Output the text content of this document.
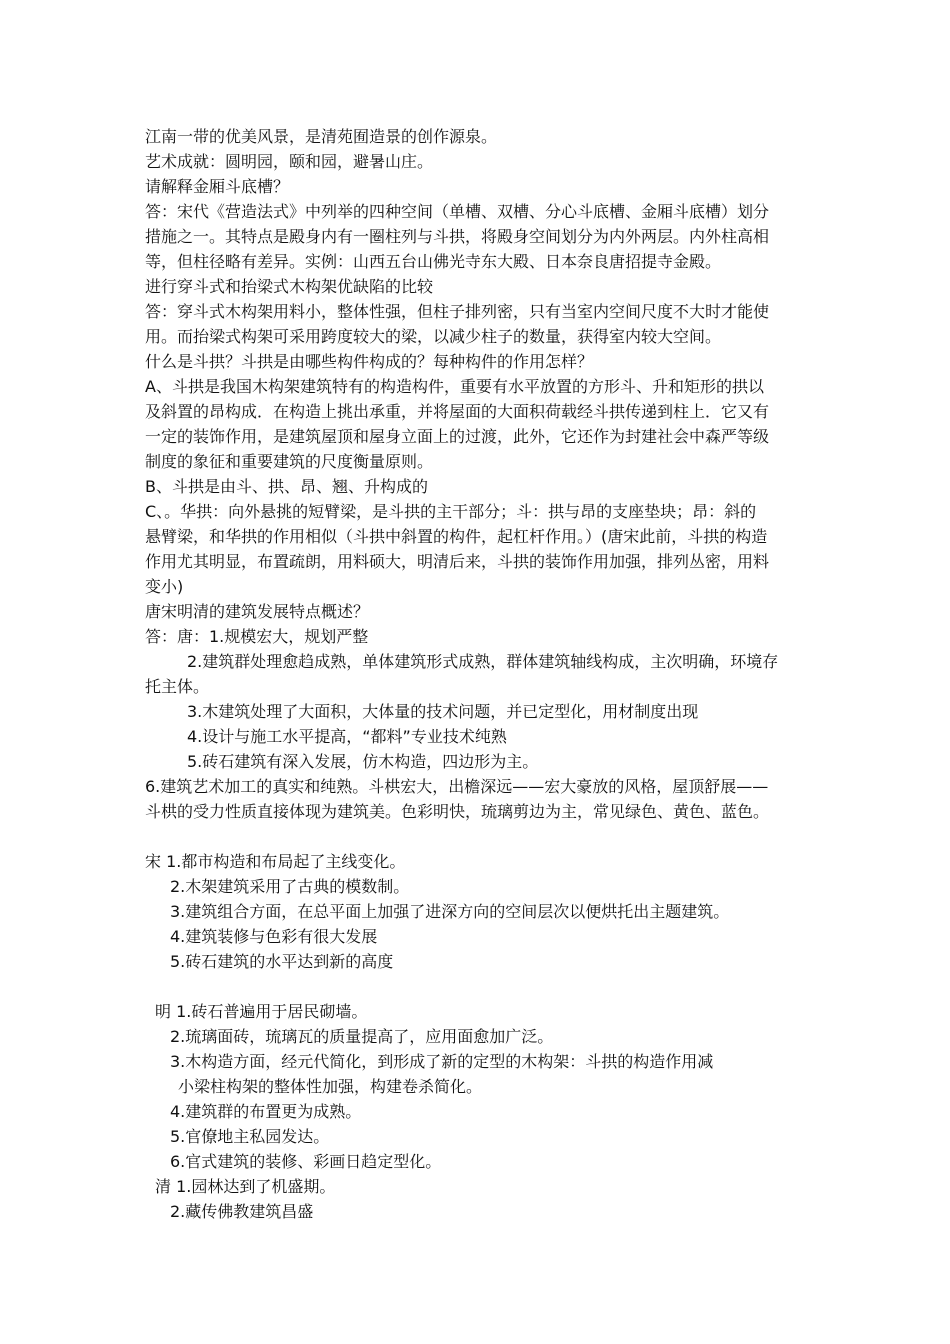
江南一带的优美风景，是清苑囿造景的创作源泉。
艺术成就：圆明园，颐和园，避暑山庄。
请解释金厢斗底槽？
答：宋代《营造法式》中列举的四种空间（单槽、双槽、分心斗底槽、金厢斗底槽）划分
措施之一。其特点是殿身内有一圈柱列与斗拱，将殿身空间划分为内外两层。内外柱高相
等，但柱径略有差异。实例：山西五台山佛光寺东大殿、日本奈良唐招提寺金殿。
进行穿斗式和抬梁式木构架优缺陷的比较
答：穿斗式木构架用料小，整体性强，但柱子排列密，只有当室内空间尺度不大时才能使
用。而抬梁式构架可采用跨度较大的梁，以减少柱子的数量，获得室内较大空间。
什么是斗拱？斗拱是由哪些构件构成的？每种构件的作用怎样？
A、斗拱是我国木构架建筑特有的构造构件，重要有水平放置的方形斗、升和矩形的拱以
及斜置的昂构成．在构造上挑出承重，并将屋面的大面积荷载经斗拱传递到柱上．它又有
一定的装饰作用，是建筑屋顶和屋身立面上的过渡，此外，它还作为封建社会中森严等级
制度的象征和重要建筑的尺度衡量原则。
B、斗拱是由斗、拱、昂、翘、升构成的
C、。华拱：向外悬挑的短臂梁，是斗拱的主干部分；斗：拱与昂的支座垫块；昂：斜的
悬臂梁，和华拱的作用相似（斗拱中斜置的构件，起杠杆作用。）(唐宋此前，斗拱的构造
作用尤其明显，布置疏朗，用料硕大，明清后来，斗拱的装饰作用加强，排列丛密，用料
变小)
唐宋明清的建筑发展特点概述？
答：唐：1.规模宏大，规划严整
2.建筑群处理愈趋成熟，单体建筑形式成熟，群体建筑轴线构成，主次明确，环境存
托主体。
3.木建筑处理了大面积，大体量的技术问题，并已定型化，用材制度出现
4.设计与施工水平提高，“都料”专业技术纯熟
5.砖石建筑有深入发展，仿木构造，四边形为主。
6.建筑艺术加工的真实和纯熟。斗栱宏大，出檐深远——宏大豪放的风格，屋顶舒展——
斗栱的受力性质直接体现为建筑美。色彩明快，琉璃剪边为主，常见绿色、黄色、蓝色。
宋 1.都市构造和布局起了主线变化。
2.木架建筑采用了古典的模数制。
3.建筑组合方面，在总平面上加强了进深方向的空间层次以便烘托出主题建筑。
4.建筑装修与色彩有很大发展
5.砖石建筑的水平达到新的高度
明 1.砖石普遍用于居民砌墙。
2.琉璃面砖，琉璃瓦的质量提高了，应用面愈加广泛。
3.木构造方面，经元代简化，到形成了新的定型的木构架：斗拱的构造作用减
小梁柱构架的整体性加强，构建卷杀简化。
4.建筑群的布置更为成熟。
5.官僚地主私园发达。
6.官式建筑的装修、彩画日趋定型化。
清 1.园林达到了机盛期。
2.藏传佛教建筑昌盛
